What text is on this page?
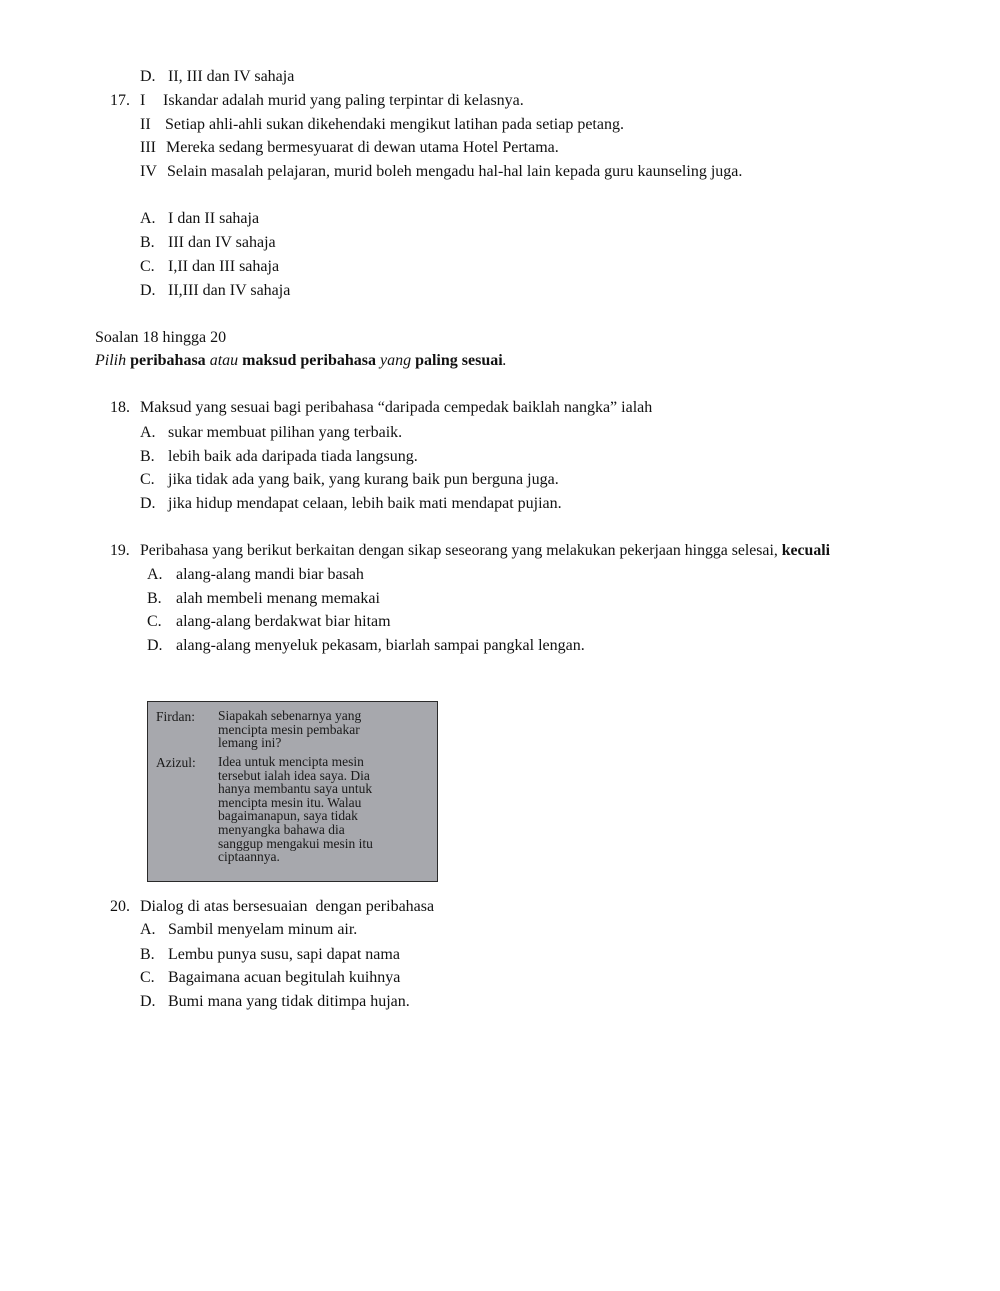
D. II, III dan IV sahaja
17. I Iskandar adalah murid yang paling terpintar di kelasnya.
II Setiap ahli-ahli sukan dikehendaki mengikut latihan pada setiap petang.
III Mereka sedang bermesyuarat di dewan utama Hotel Pertama.
IV Selain masalah pelajaran, murid boleh mengadu hal-hal lain kepada guru kaunseling juga.
A. I dan II sahaja
B. III dan IV sahaja
C. I,II dan III sahaja
D. II,III dan IV sahaja
Soalan 18 hingga 20
Pilih peribahasa atau maksud peribahasa yang paling sesuai.
18. Maksud yang sesuai bagi peribahasa “daripada cempedak baiklah nangka” ialah
A. sukar membuat pilihan yang terbaik.
B. lebih baik ada daripada tiada langsung.
C. jika tidak ada yang baik, yang kurang baik pun berguna juga.
D. jika hidup mendapat celaan, lebih baik mati mendapat pujian.
19. Peribahasa yang berikut berkaitan dengan sikap seseorang yang melakukan pekerjaan hingga selesai, kecuali
A. alang-alang mandi biar basah
B. alah membeli menang memakai
C. alang-alang berdakwat biar hitam
D. alang-alang menyeluk pekasam, biarlah sampai pangkal lengan.
Firdan: Siapakah sebenarnya yang
mencipta mesin pembakar
lemang ini?
Azizul: Idea untuk mencipta mesin
tersebut ialah idea saya. Dia
hanya membantu saya untuk
mencipta mesin itu. Walau
bagaimanapun, saya tidak
menyangka bahawa dia
sanggup mengakui mesin itu
ciptaannya.
20. Dialog di atas bersesuaian  dengan peribahasa
A. Sambil menyelam minum air.
B. Lembu punya susu, sapi dapat nama
C. Bagaimana acuan begitulah kuihnya
D. Bumi mana yang tidak ditimpa hujan.
